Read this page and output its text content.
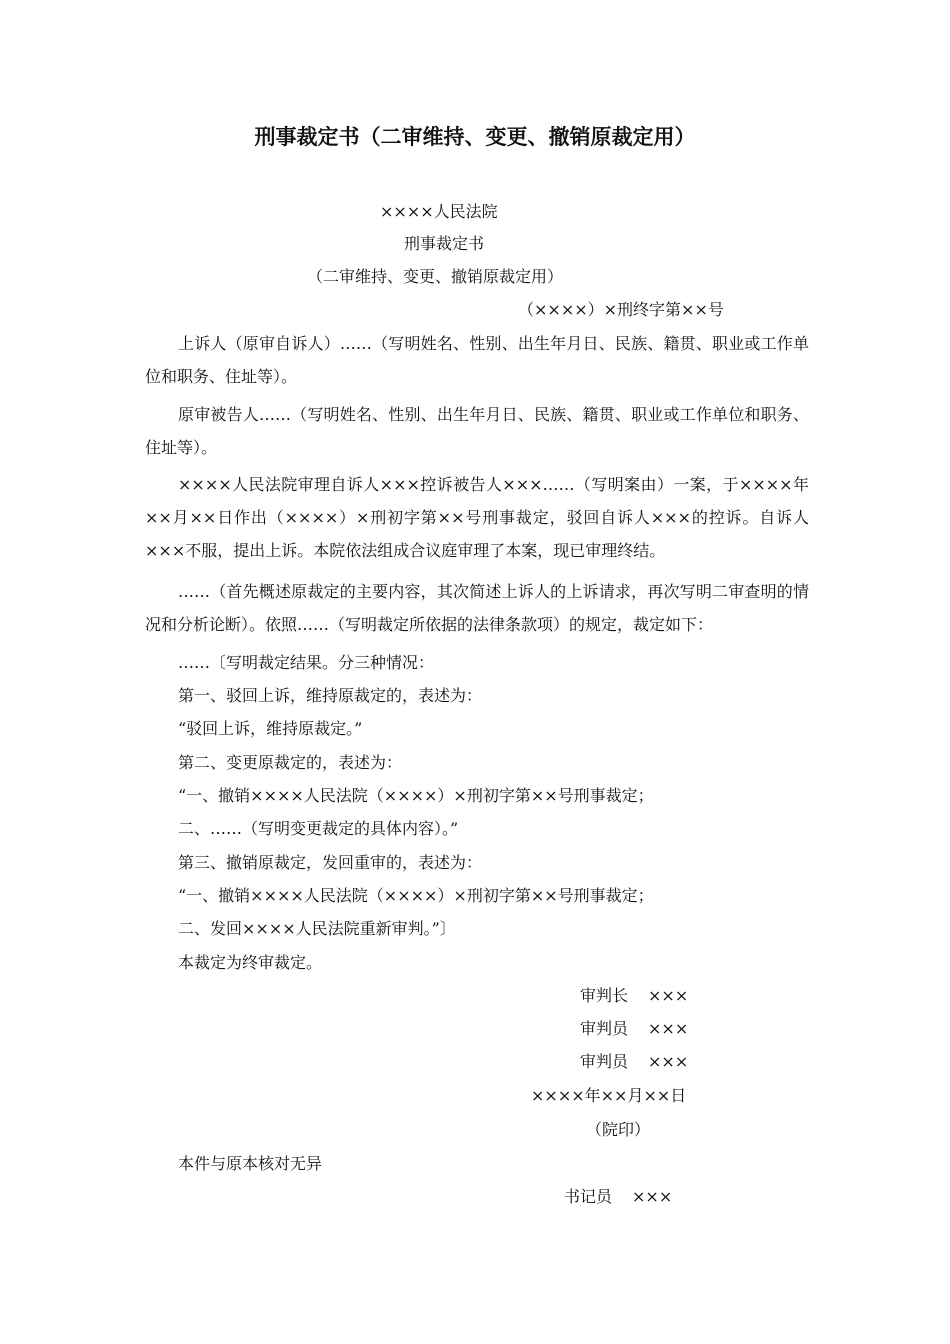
刑事裁定书（二审维持、变更、撤销原裁定用）
××××人民法院
刑事裁定书
（二审维持、变更、撤销原裁定用）
（××××）×刑终字第××号
上诉人（原审自诉人）……（写明姓名、性别、出生年月日、民族、籍贯、职业或工作单位和职务、住址等）。
原审被告人……（写明姓名、性别、出生年月日、民族、籍贯、职业或工作单位和职务、住址等）。
××××人民法院审理自诉人×××控诉被告人×××……（写明案由）一案，于××××年××月××日作出（××××）×刑初字第××号刑事裁定，驳回自诉人×××的控诉。自诉人×××不服，提出上诉。本院依法组成合议庭审理了本案，现已审理终结。
……（首先概述原裁定的主要内容，其次简述上诉人的上诉请求，再次写明二审查明的情况和分析论断）。依照……（写明裁定所依据的法律条款项）的规定，裁定如下：
……〔写明裁定结果。分三种情况：
第一、驳回上诉，维持原裁定的，表述为：
“驳回上诉，维持原裁定。”
第二、变更原裁定的，表述为：
“一、撤销××××人民法院（××××）×刑初字第××号刑事裁定；
二、……（写明变更裁定的具体内容）。”
第三、撤销原裁定，发回重审的，表述为：
“一、撤销××××人民法院（××××）×刑初字第××号刑事裁定；
二、发回××××人民法院重新审判。”〕
本裁定为终审裁定。
审判长 ×××
审判员 ×××
审判员 ×××
××××年××月××日
（院印）
本件与原本核对无异
书记员 ×××
